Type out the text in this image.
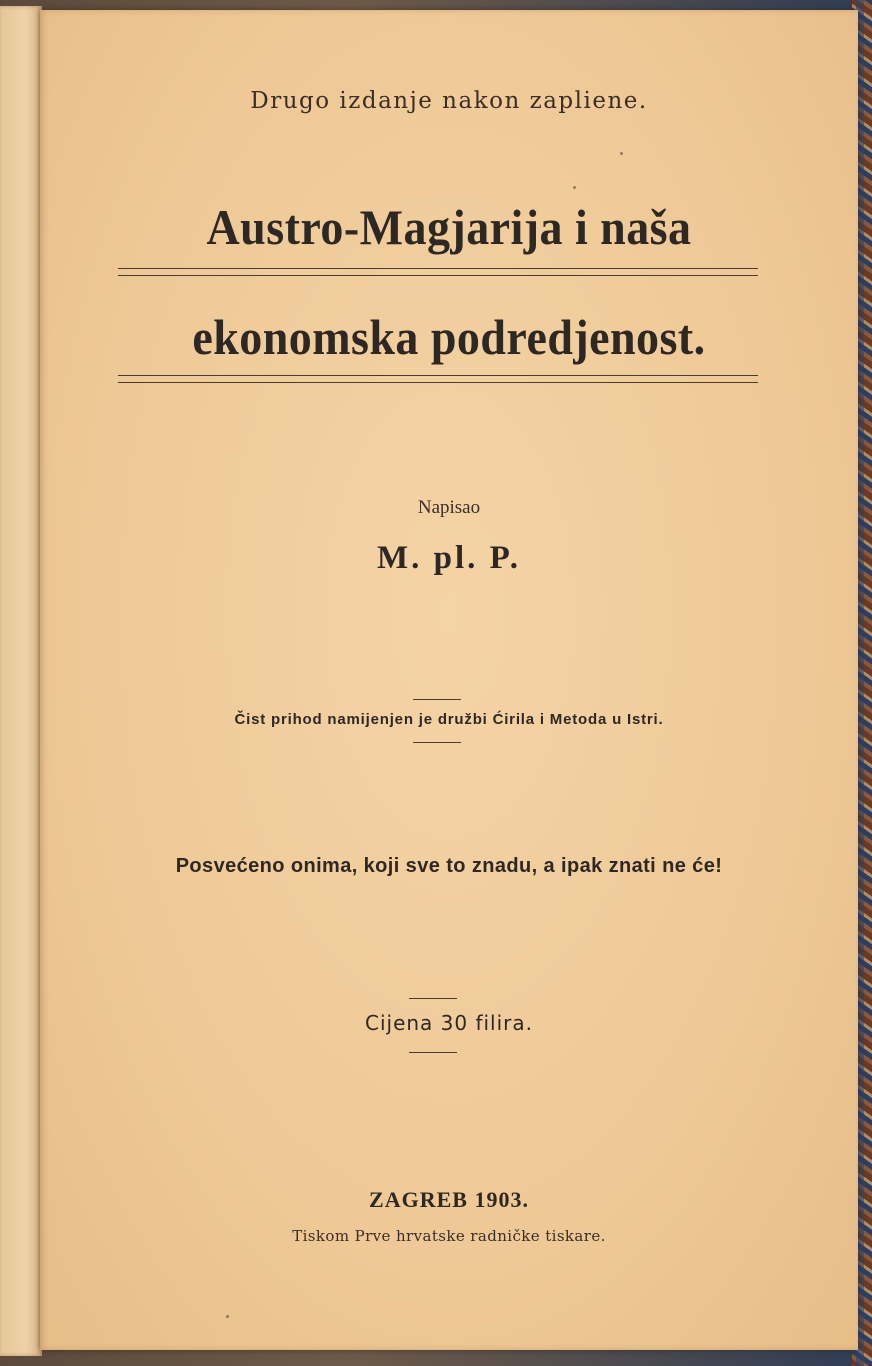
Drugo izdanje nakon zapliene.
Austro-Magjarija i naša
ekonomska podredjenost.
Napisao
M. pl. P.
Čist prihod namijenjen je družbi Ćirila i Metoda u Istri.
Posvećeno onima, koji sve to znadu, a ipak znati ne će!
Cijena 30 filira.
ZAGREB 1903.
Tiskom Prve hrvatske radničke tiskare.
